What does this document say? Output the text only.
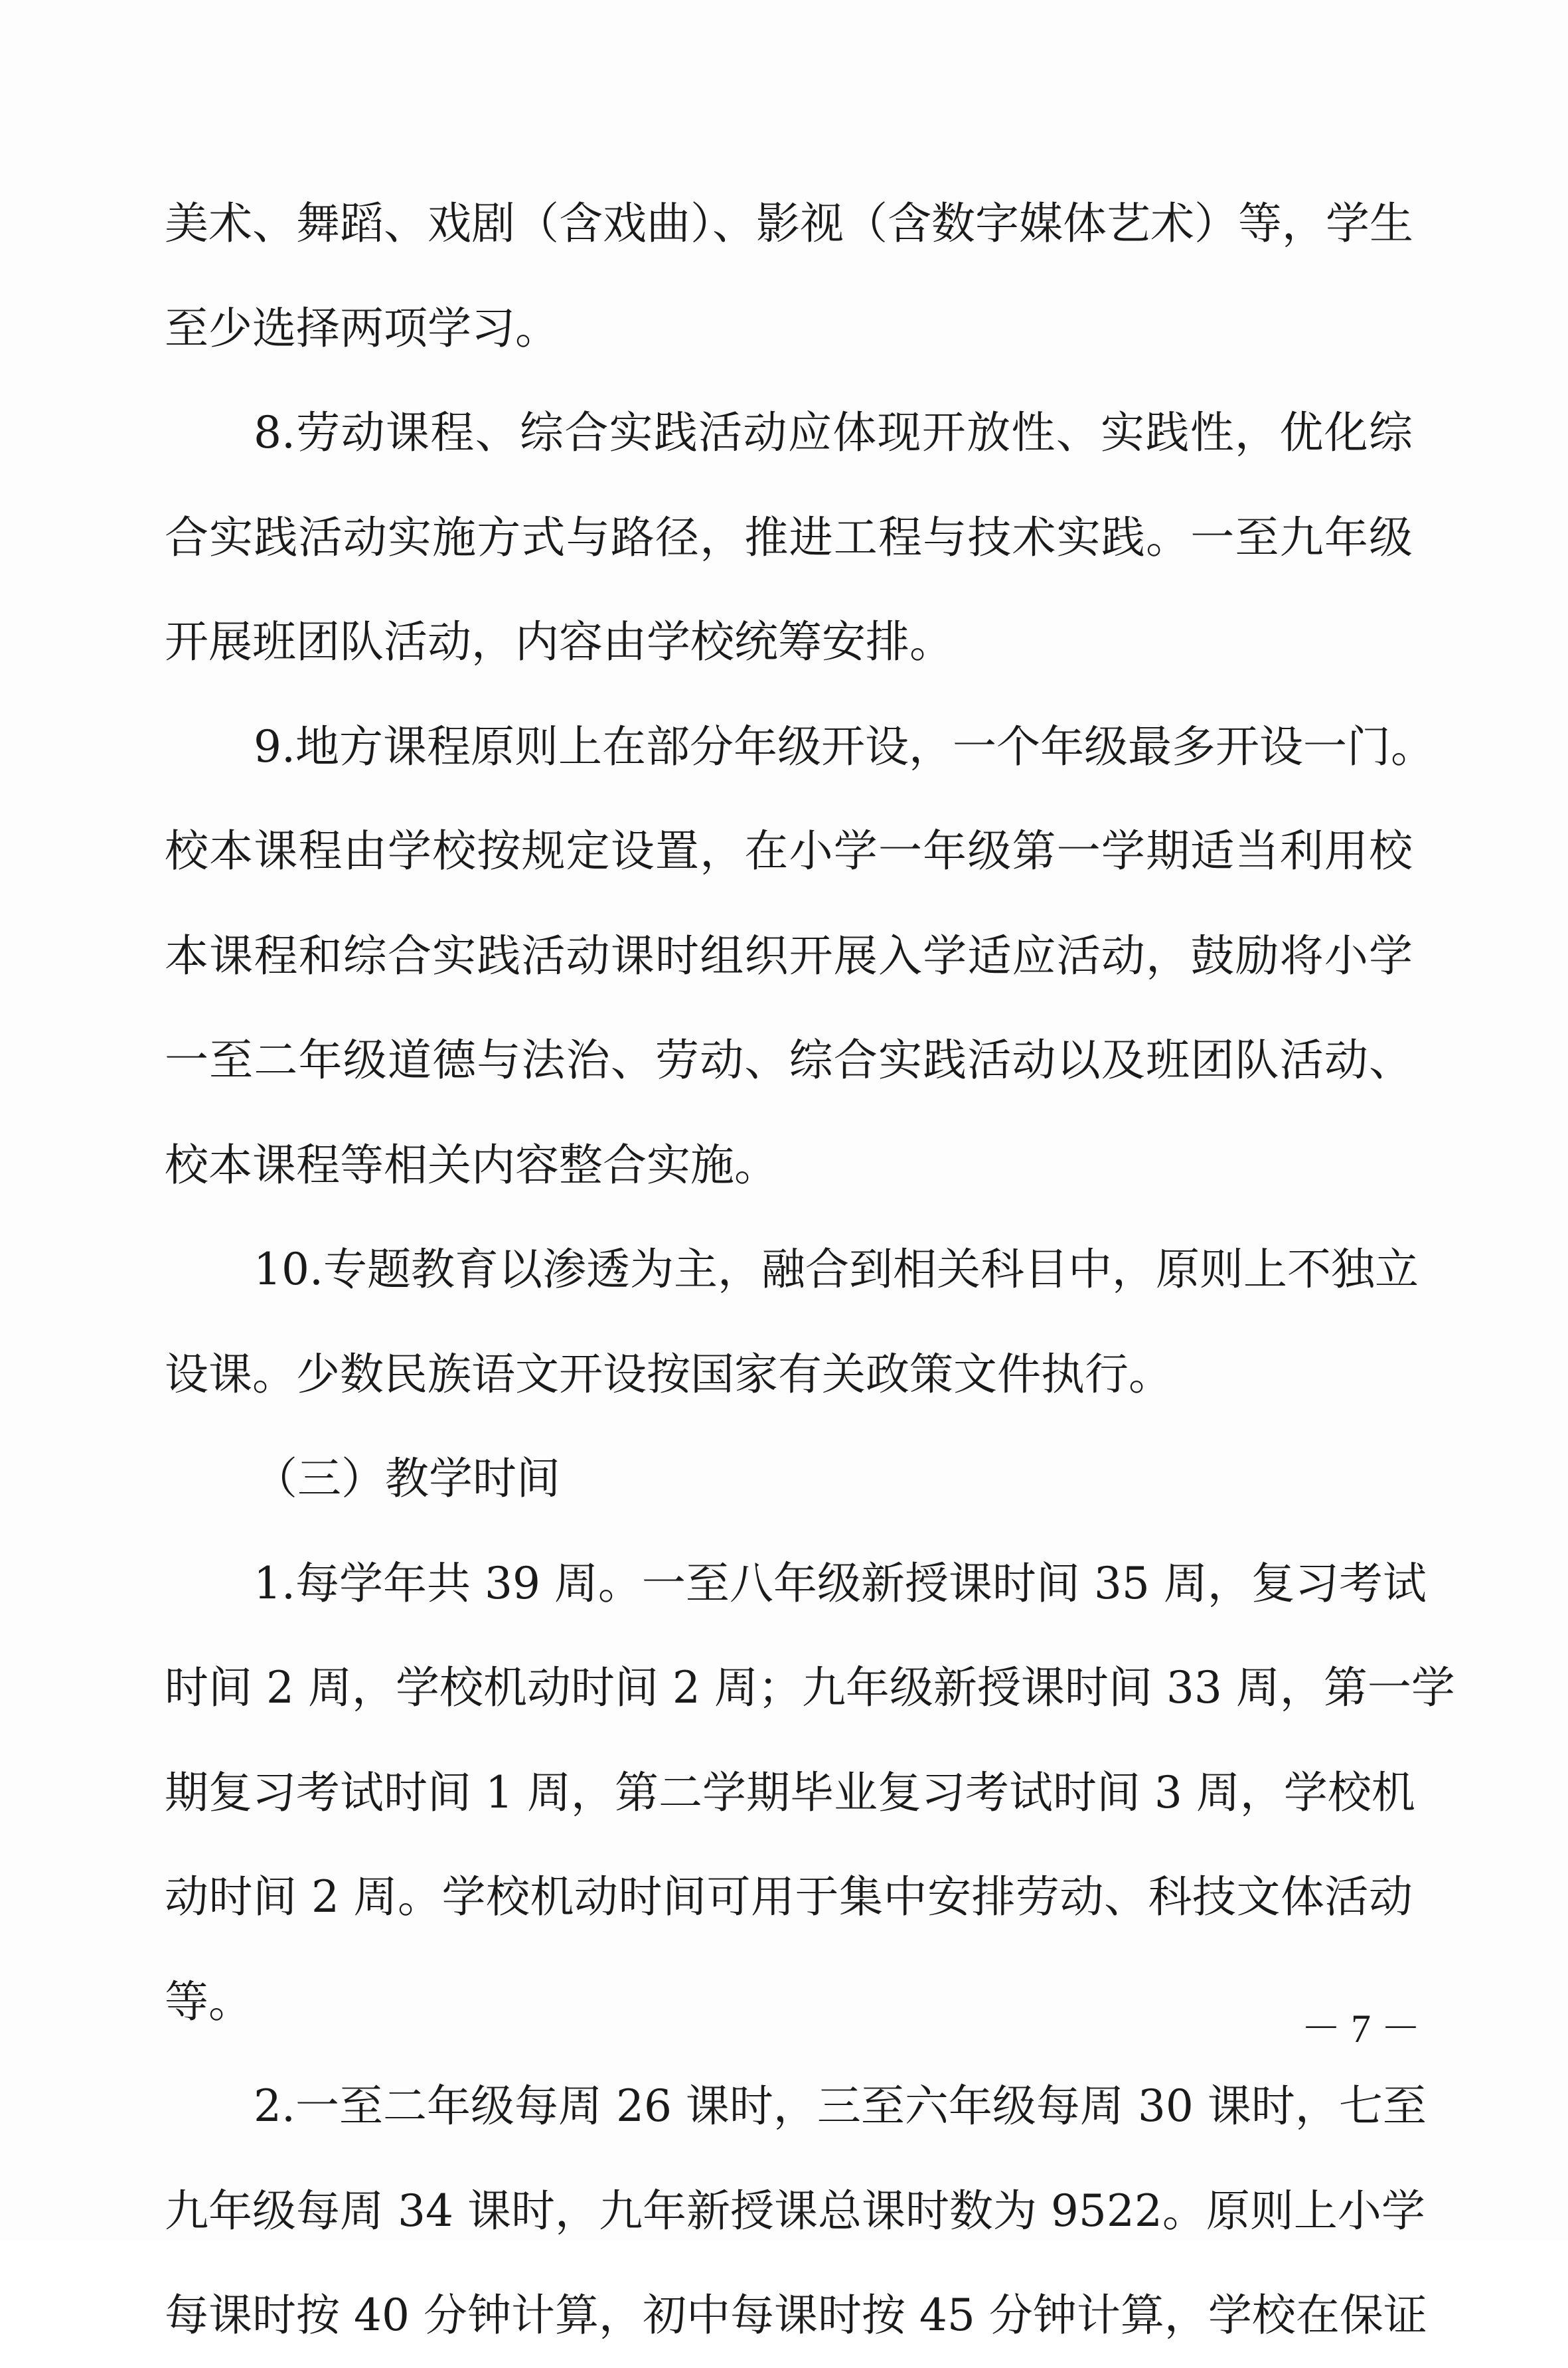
美术、舞蹈、戏剧（含戏曲）、影视（含数字媒体艺术）等，学生
至少选择两项学习。
8.劳动课程、综合实践活动应体现开放性、实践性，优化综
合实践活动实施方式与路径，推进工程与技术实践。一至九年级
开展班团队活动，内容由学校统筹安排。
9.地方课程原则上在部分年级开设，一个年级最多开设一门。
校本课程由学校按规定设置，在小学一年级第一学期适当利用校
本课程和综合实践活动课时组织开展入学适应活动，鼓励将小学
一至二年级道德与法治、劳动、综合实践活动以及班团队活动、
校本课程等相关内容整合实施。
10.专题教育以渗透为主，融合到相关科目中，原则上不独立
设课。少数民族语文开设按国家有关政策文件执行。
（三）教学时间
1.每学年共 39 周。一至八年级新授课时间 35 周，复习考试
时间 2 周，学校机动时间 2 周；九年级新授课时间 33 周，第一学
期复习考试时间 1 周，第二学期毕业复习考试时间 3 周，学校机
动时间 2 周。学校机动时间可用于集中安排劳动、科技文体活动
等。
2.一至二年级每周 26 课时，三至六年级每周 30 课时，七至
九年级每周 34 课时，九年新授课总课时数为 9522。原则上小学
每课时按 40 分钟计算，初中每课时按 45 分钟计算，学校在保证
－ 7 －
